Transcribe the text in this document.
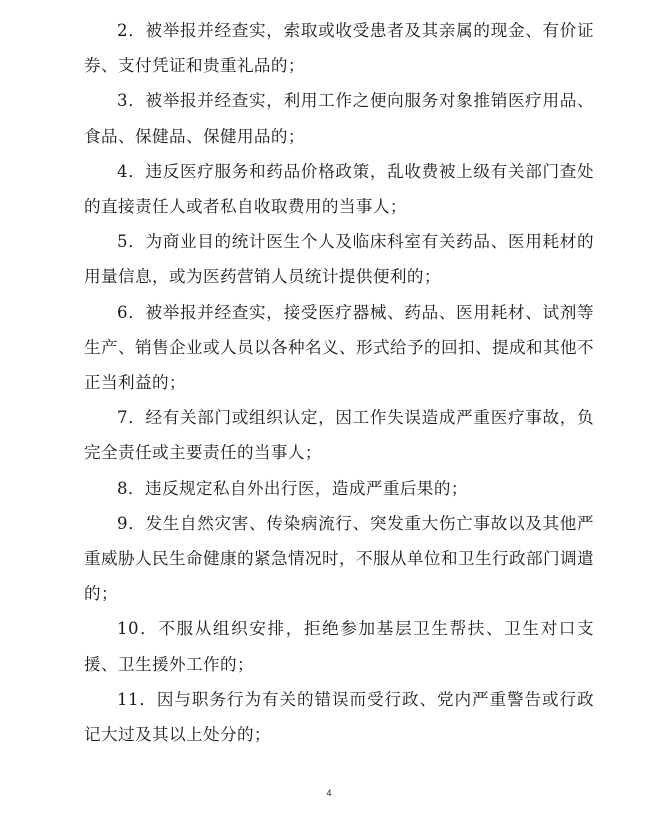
2．被举报并经查实，索取或收受患者及其亲属的现金、有价证券、支付凭证和贵重礼品的；

3．被举报并经查实，利用工作之便向服务对象推销医疗用品、食品、保健品、保健用品的；

4．违反医疗服务和药品价格政策，乱收费被上级有关部门查处的直接责任人或者私自收取费用的当事人；

5．为商业目的统计医生个人及临床科室有关药品、医用耗材的用量信息，或为医药营销人员统计提供便利的；

6．被举报并经查实，接受医疗器械、药品、医用耗材、试剂等生产、销售企业或人员以各种名义、形式给予的回扣、提成和其他不正当利益的；

7．经有关部门或组织认定，因工作失误造成严重医疗事故，负完全责任或主要责任的当事人；

8．违反规定私自外出行医，造成严重后果的；

9．发生自然灾害、传染病流行、突发重大伤亡事故以及其他严重威胁人民生命健康的紧急情况时，不服从单位和卫生行政部门调遣的；

10．不服从组织安排，拒绝参加基层卫生帮扶、卫生对口支援、卫生援外工作的；

11．因与职务行为有关的错误而受行政、党内严重警告或行政记大过及其以上处分的；

4
